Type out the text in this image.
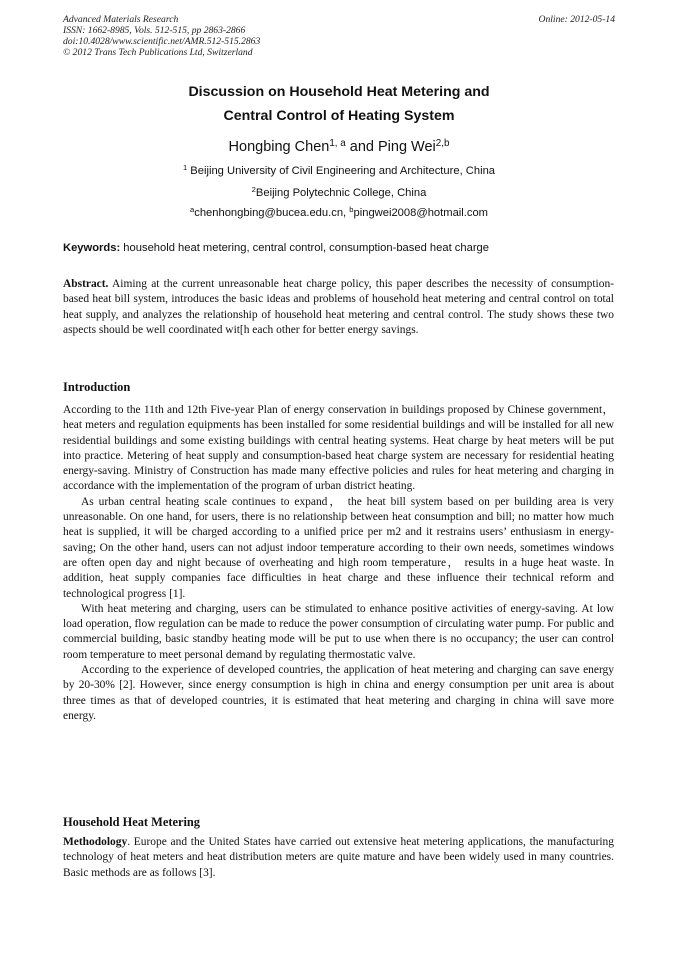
Advanced Materials Research
ISSN: 1662-8985, Vols. 512-515, pp 2863-2866
doi:10.4028/www.scientific.net/AMR.512-515.2863
© 2012 Trans Tech Publications Ltd, Switzerland
Online: 2012-05-14
Discussion on Household Heat Metering and
Central Control of Heating System
Hongbing Chen$^{1, a}$ and Ping Wei$^{2,b}$
$^1$ Beijing University of Civil Engineering and Architecture, China
$^2$Beijing Polytechnic College, China
$^a$chenhongbing@bucea.edu.cn, $^b$pingwei2008@hotmail.com
Keywords: household heat metering, central control, consumption-based heat charge

Abstract. Aiming at the current unreasonable heat charge policy, this paper describes the necessity of consumption-based heat bill system, introduces the basic ideas and problems of household heat metering and central control on total heat supply, and analyzes the relationship of household heat metering and central control. The study shows these two aspects should be well coordinated wit[h each other for better energy savings.

Introduction

According to the 11th and 12th Five-year Plan of energy conservation in buildings proposed by Chinese government， heat meters and regulation equipments has been installed for some residential buildings and will be installed for all new residential buildings and some existing buildings with central heating systems. Heat charge by heat meters will be put into practice. Metering of heat supply and consumption-based heat charge system are necessary for residential heating energy-saving. Ministry of Construction has made many effective policies and rules for heat metering and charging in accordance with the implementation of the program of urban district heating.

As urban central heating scale continues to expand， the heat bill system based on per building area is very unreasonable. On one hand, for users, there is no relationship between heat consumption and bill; no matter how much heat is supplied, it will be charged according to a unified price per m2 and it restrains users’ enthusiasm in energy-saving; On the other hand, users can not adjust indoor temperature according to their own needs, sometimes windows are often open day and night because of overheating and high room temperature， results in a huge heat waste. In addition, heat supply companies face difficulties in heat charge and these influence their technical reform and technological progress [1].

With heat metering and charging, users can be stimulated to enhance positive activities of energy-saving. At low load operation, flow regulation can be made to reduce the power consumption of circulating water pump. For public and commercial building, basic standby heating mode will be put to use when there is no occupancy; the user can control room temperature to meet personal demand by regulating thermostatic valve.

According to the experience of developed countries, the application of heat metering and charging can save energy by 20-30% [2]. However, since energy consumption is high in china and energy consumption per unit area is about three times as that of developed countries, it is estimated that heat metering and charging in china will save more energy.

Household Heat Metering

Methodology. Europe and the United States have carried out extensive heat metering applications, the manufacturing technology of heat meters and heat distribution meters are quite mature and have been widely used in many countries. Basic methods are as follows [3].
